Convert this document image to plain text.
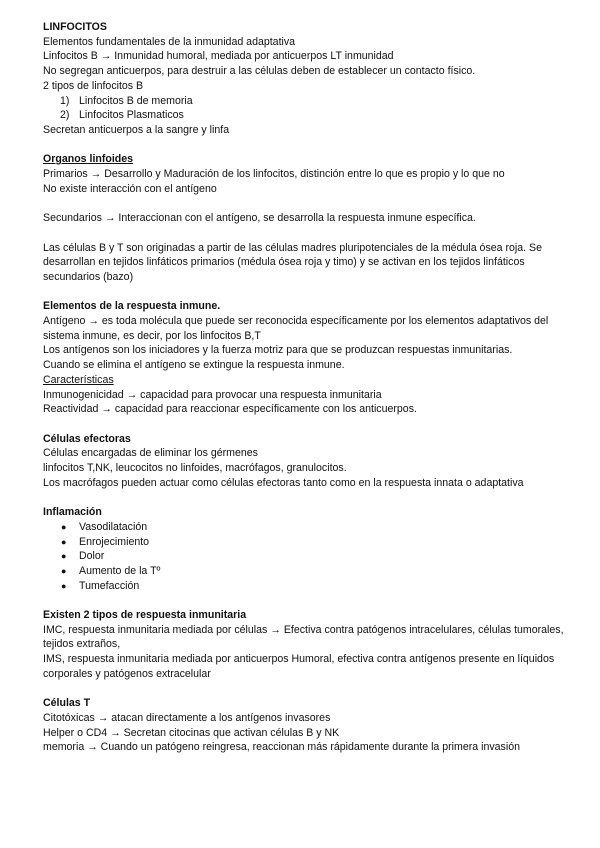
LINFOCITOS

Elementos fundamentales de la inmunidad adaptativa

Linfocitos B → Inmunidad humoral, mediada por anticuerpos LT inmunidad

No segregan anticuerpos, para destruir a las células deben de establecer un contacto físico.

2 tipos de linfocitos B

1) Linfocitos B de memoria
2) Linfocitos Plasmaticos

Secretan anticuerpos a la sangre y linfa

Organos linfoides

Primarios → Desarrollo y Maduración de los linfocitos, distinción entre lo que es propio y lo que no

No existe interacción con el antígeno

Secundarios → Interaccionan con el antígeno, se desarrolla la respuesta inmune específica.

Las células B y T son originadas a partir de las células madres pluripotenciales de la médula ósea roja. Se desarrollan en tejidos linfáticos primarios (médula ósea roja y timo) y se activan en los tejidos linfáticos secundarios (bazo)

Elementos de la respuesta inmune.

Antígeno → es toda molécula que puede ser reconocida específicamente por los elementos adaptativos del sistema inmune, es decir, por los linfocitos B,T

Los antígenos son los iniciadores y la fuerza motriz para que se produzcan respuestas inmunitarias.

Cuando se elimina el antígeno se extingue la respuesta inmune.

Características

Inmunogenicidad → capacidad para provocar una respuesta inmunitaria

Reactividad → capacidad para reaccionar específicamente con los anticuerpos.

Células efectoras

Células encargadas de eliminar los gérmenes

linfocitos T,NK, leucocitos no linfoides, macrófagos, granulocitos.

Los macrófagos pueden actuar como células efectoras tanto como en la respuesta innata o adaptativa

Inflamación

● Vasodilatación
● Enrojecimiento
● Dolor
● Aumento de la Tº
● Tumefacción

Existen 2 tipos de respuesta inmunitaria

IMC, respuesta inmunitaria mediada por células → Efectiva contra patógenos intracelulares, células tumorales, tejidos extraños,

IMS, respuesta inmunitaria mediada por anticuerpos Humoral, efectiva contra antígenos presente en líquidos corporales y patógenos extracelular

Células T

Citotóxicas → atacan directamente a los antígenos invasores

Helper o CD4 → Secretan citocinas que activan células B y NK

memoria → Cuando un patógeno reingresa, reaccionan más rápidamente durante la primera invasión
